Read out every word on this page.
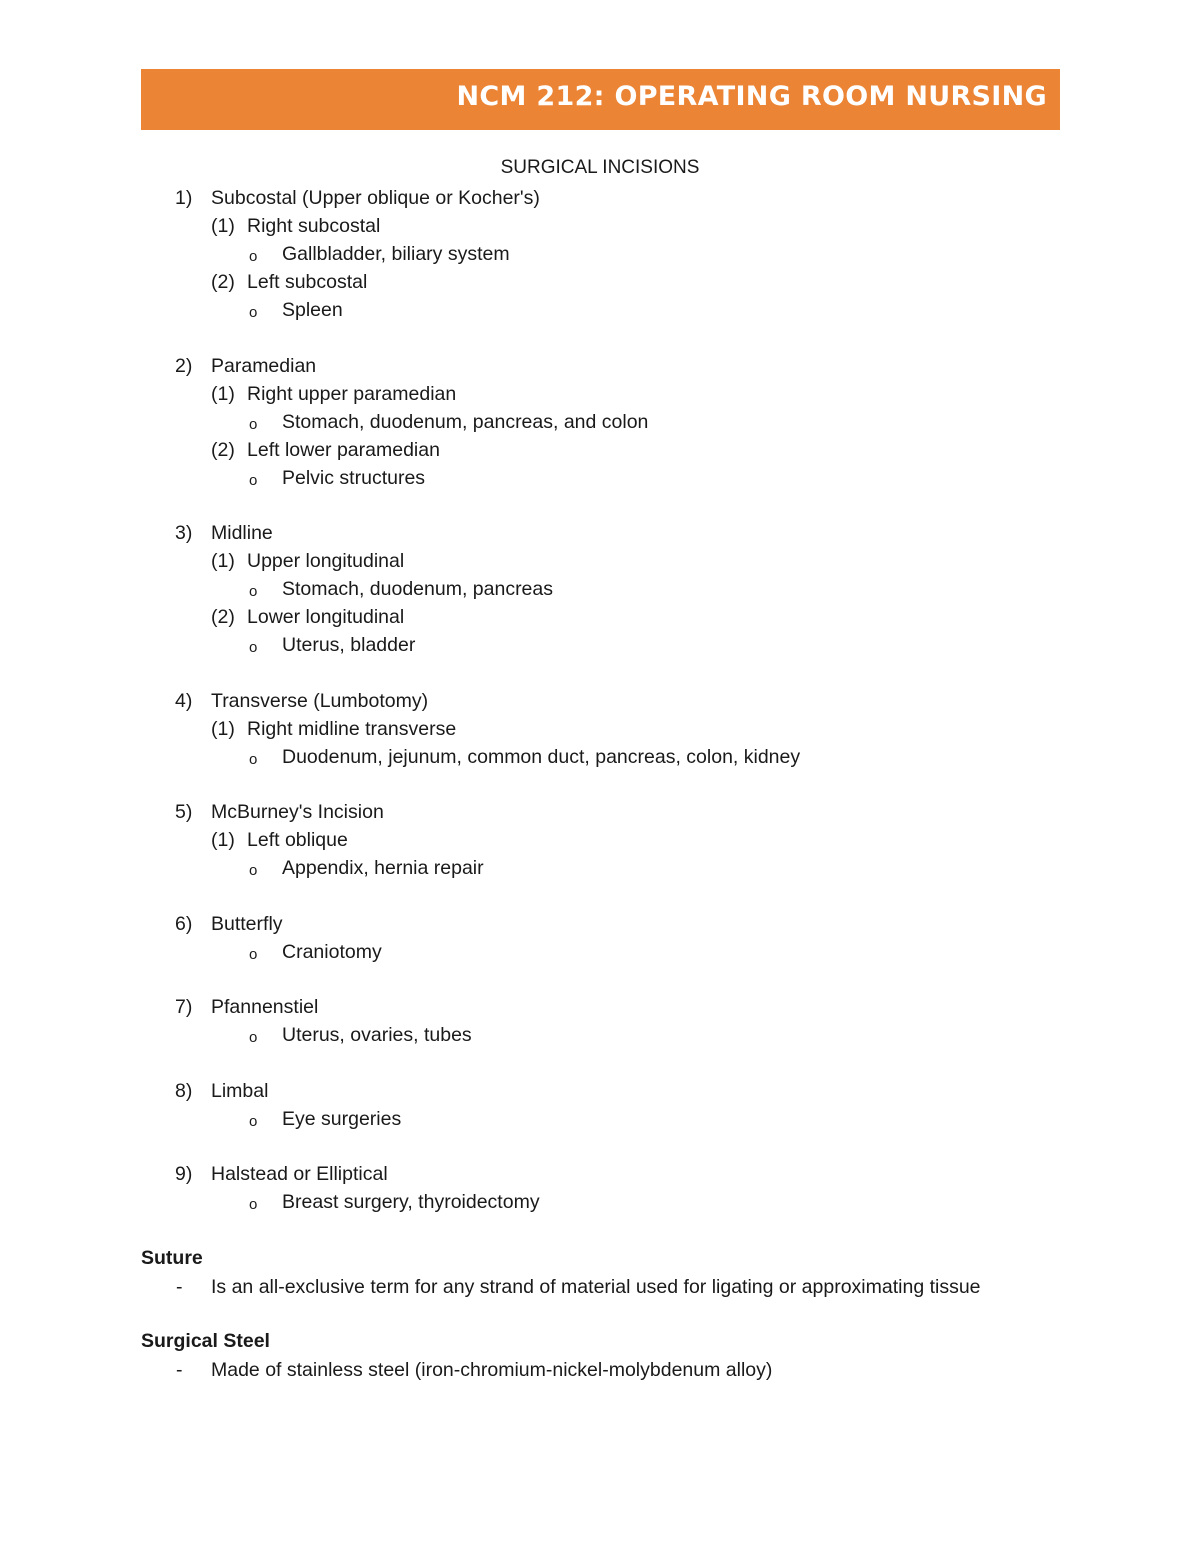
NCM 212: OPERATING ROOM NURSING
SURGICAL INCISIONS
1) Subcostal (Upper oblique or Kocher's)
(1) Right subcostal
o Gallbladder, biliary system
(2) Left subcostal
o Spleen
2) Paramedian
(1) Right upper paramedian
o Stomach, duodenum, pancreas, and colon
(2) Left lower paramedian
o Pelvic structures
3) Midline
(1) Upper longitudinal
o Stomach, duodenum, pancreas
(2) Lower longitudinal
o Uterus, bladder
4) Transverse (Lumbotomy)
(1) Right midline transverse
o Duodenum, jejunum, common duct, pancreas, colon, kidney
5) McBurney's Incision
(1) Left oblique
o Appendix, hernia repair
6) Butterfly
o Craniotomy
7) Pfannenstiel
o Uterus, ovaries, tubes
8) Limbal
o Eye surgeries
9) Halstead or Elliptical
o Breast surgery, thyroidectomy
Suture
- Is an all-exclusive term for any strand of material used for ligating or approximating tissue
Surgical Steel
- Made of stainless steel (iron-chromium-nickel-molybdenum alloy)
